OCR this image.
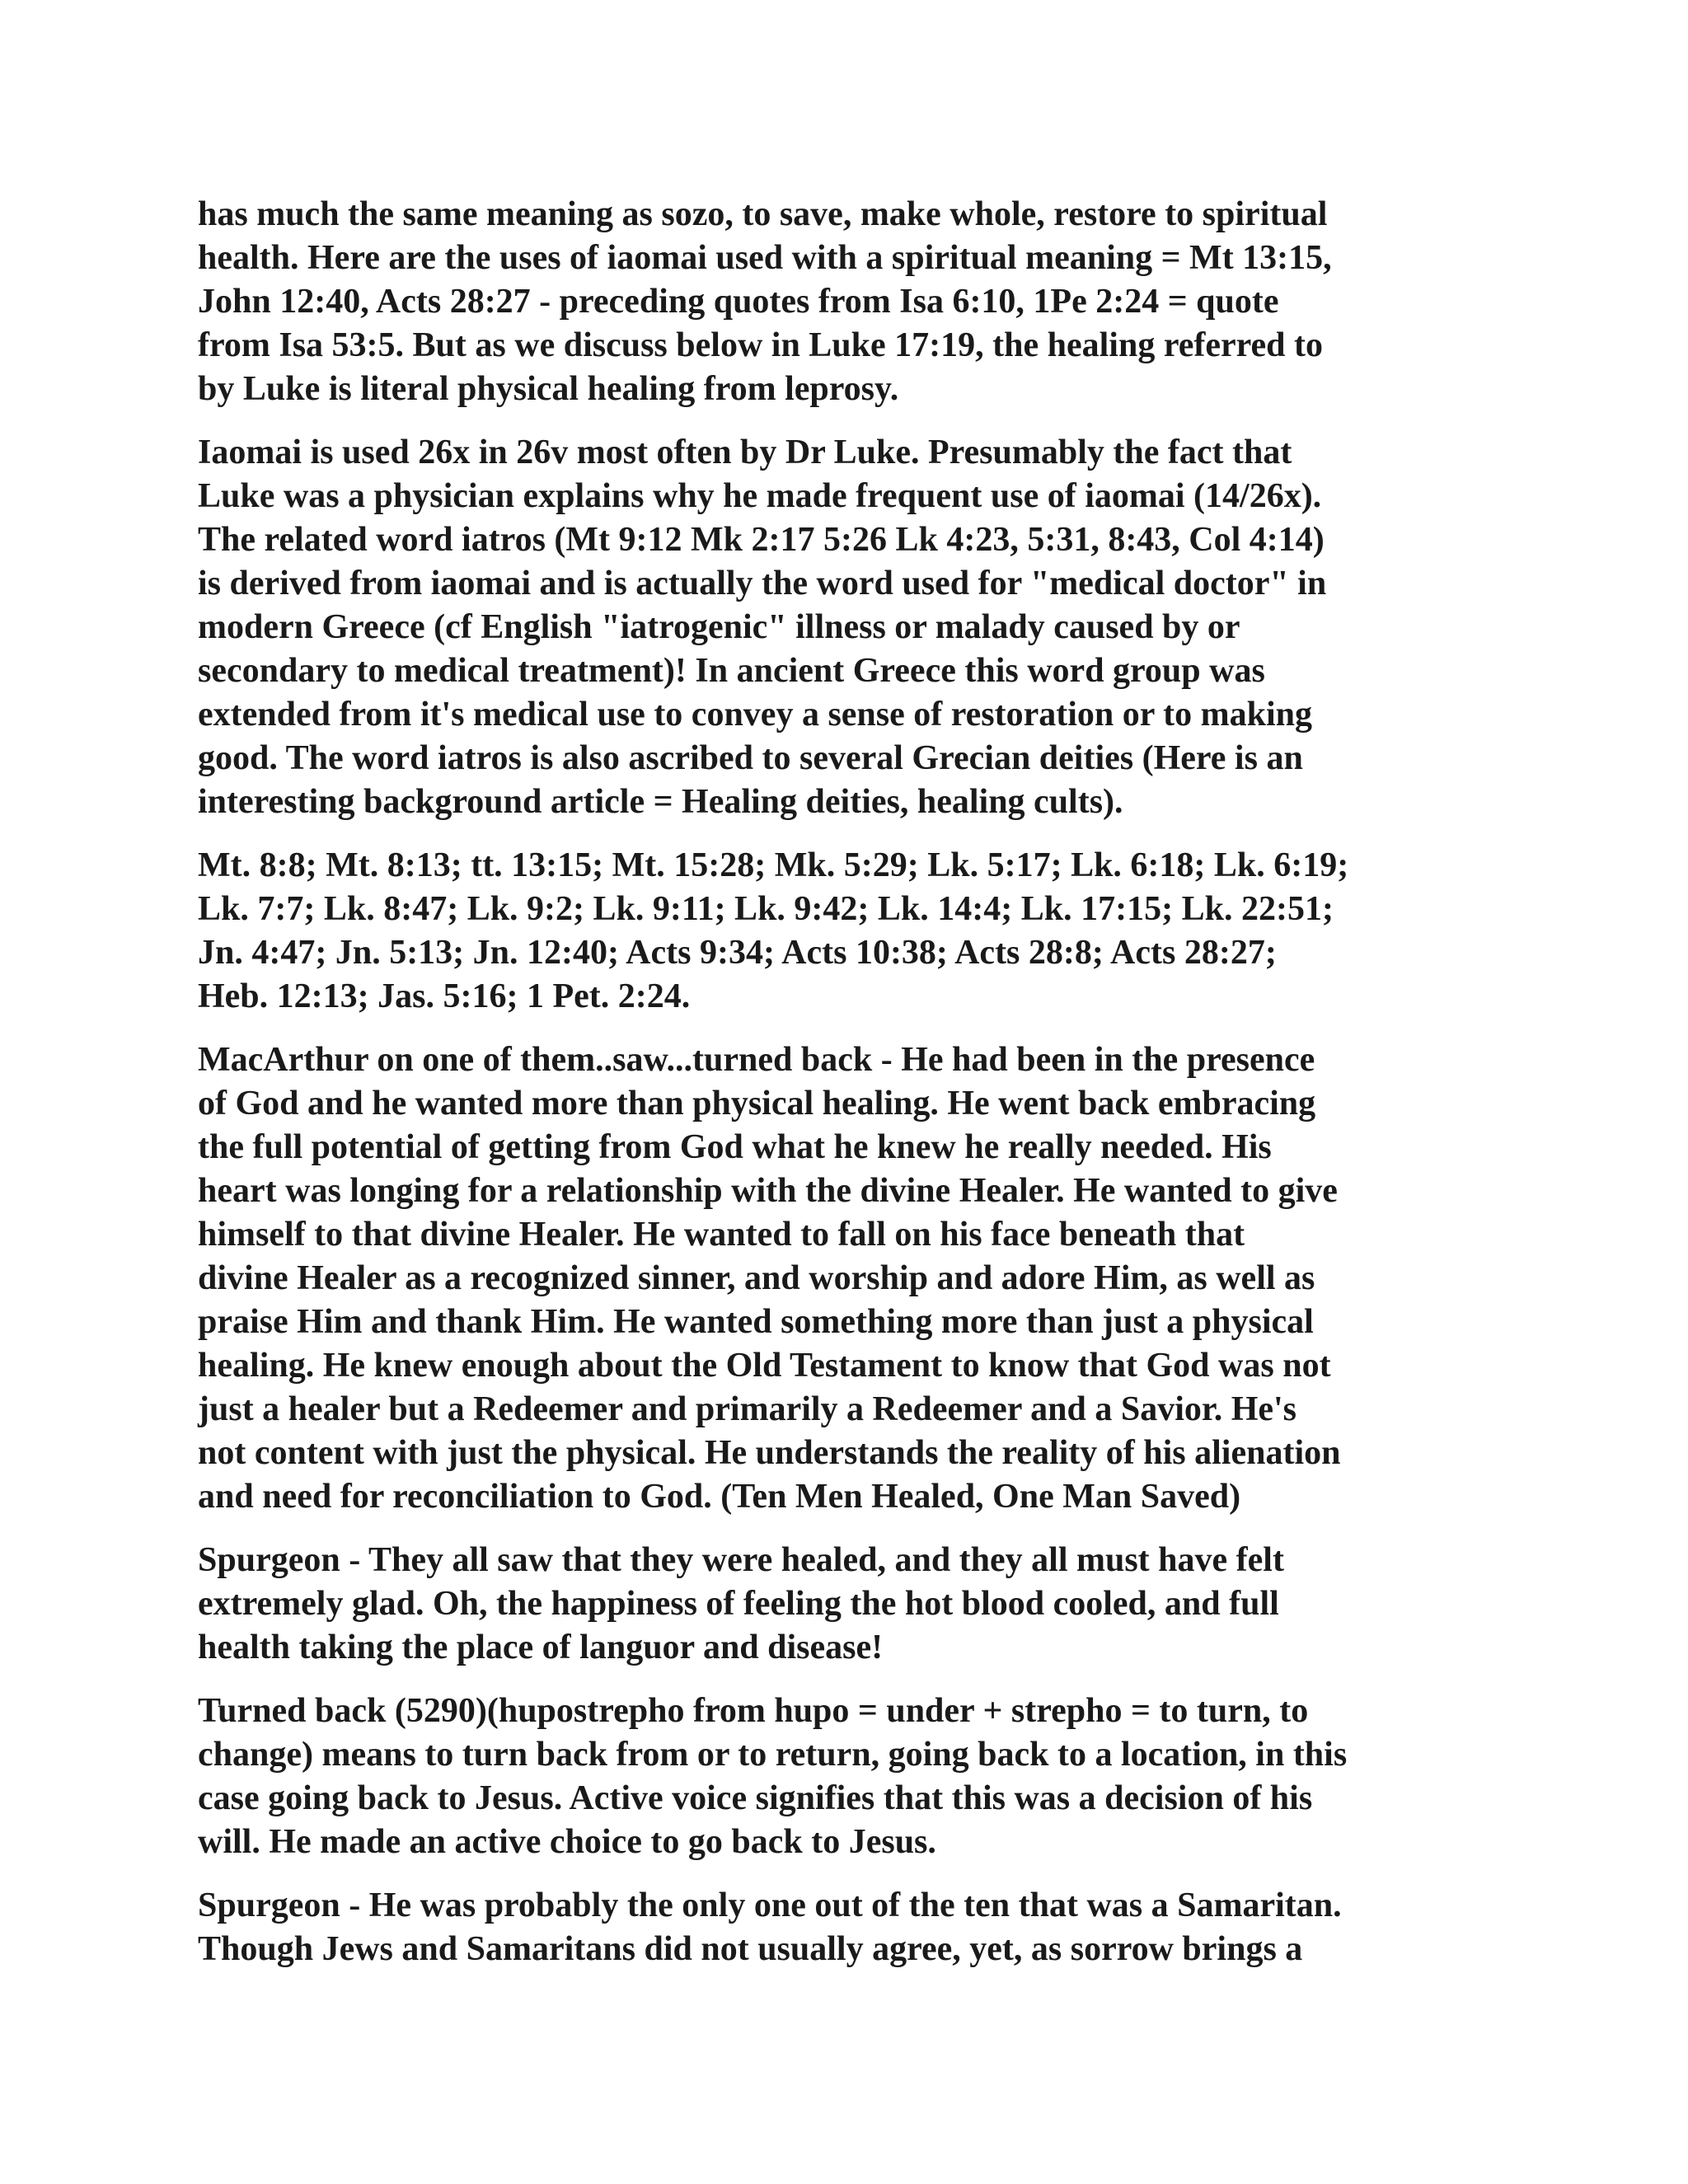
has much the same meaning as sozo, to save, make whole, restore to spiritual
health. Here are the uses of iaomai used with a spiritual meaning = Mt 13:15,
John 12:40, Acts 28:27 - preceding quotes from Isa 6:10, 1Pe 2:24 = quote
from Isa 53:5. But as we discuss below in Luke 17:19, the healing referred to
by Luke is literal physical healing from leprosy.

Iaomai is used 26x in 26v most often by Dr Luke. Presumably the fact that
Luke was a physician explains why he made frequent use of iaomai (14/26x).
The related word iatros (Mt 9:12 Mk 2:17 5:26 Lk 4:23, 5:31, 8:43, Col 4:14)
is derived from iaomai and is actually the word used for "medical doctor" in
modern Greece (cf English "iatrogenic" illness or malady caused by or
secondary to medical treatment)! In ancient Greece this word group was
extended from it's medical use to convey a sense of restoration or to making
good. The word iatros is also ascribed to several Grecian deities (Here is an
interesting background article = Healing deities, healing cults).

Mt. 8:8; Mt. 8:13; tt. 13:15; Mt. 15:28; Mk. 5:29; Lk. 5:17; Lk. 6:18; Lk. 6:19;
Lk. 7:7; Lk. 8:47; Lk. 9:2; Lk. 9:11; Lk. 9:42; Lk. 14:4; Lk. 17:15; Lk. 22:51;
Jn. 4:47; Jn. 5:13; Jn. 12:40; Acts 9:34; Acts 10:38; Acts 28:8; Acts 28:27;
Heb. 12:13; Jas. 5:16; 1 Pet. 2:24.

MacArthur on one of them..saw...turned back - He had been in the presence
of God and he wanted more than physical healing. He went back embracing
the full potential of getting from God what he knew he really needed. His
heart was longing for a relationship with the divine Healer. He wanted to give
himself to that divine Healer. He wanted to fall on his face beneath that
divine Healer as a recognized sinner, and worship and adore Him, as well as
praise Him and thank Him. He wanted something more than just a physical
healing. He knew enough about the Old Testament to know that God was not
just a healer but a Redeemer and primarily a Redeemer and a Savior. He's
not content with just the physical. He understands the reality of his alienation
and need for reconciliation to God. (Ten Men Healed, One Man Saved)

Spurgeon - They all saw that they were healed, and they all must have felt
extremely glad. Oh, the happiness of feeling the hot blood cooled, and full
health taking the place of languor and disease!

Turned back (5290)(hupostrepho from hupo = under + strepho = to turn, to
change) means to turn back from or to return, going back to a location, in this
case going back to Jesus. Active voice signifies that this was a decision of his
will. He made an active choice to go back to Jesus.

Spurgeon - He was probably the only one out of the ten that was a Samaritan.
Though Jews and Samaritans did not usually agree, yet, as sorrow brings a
